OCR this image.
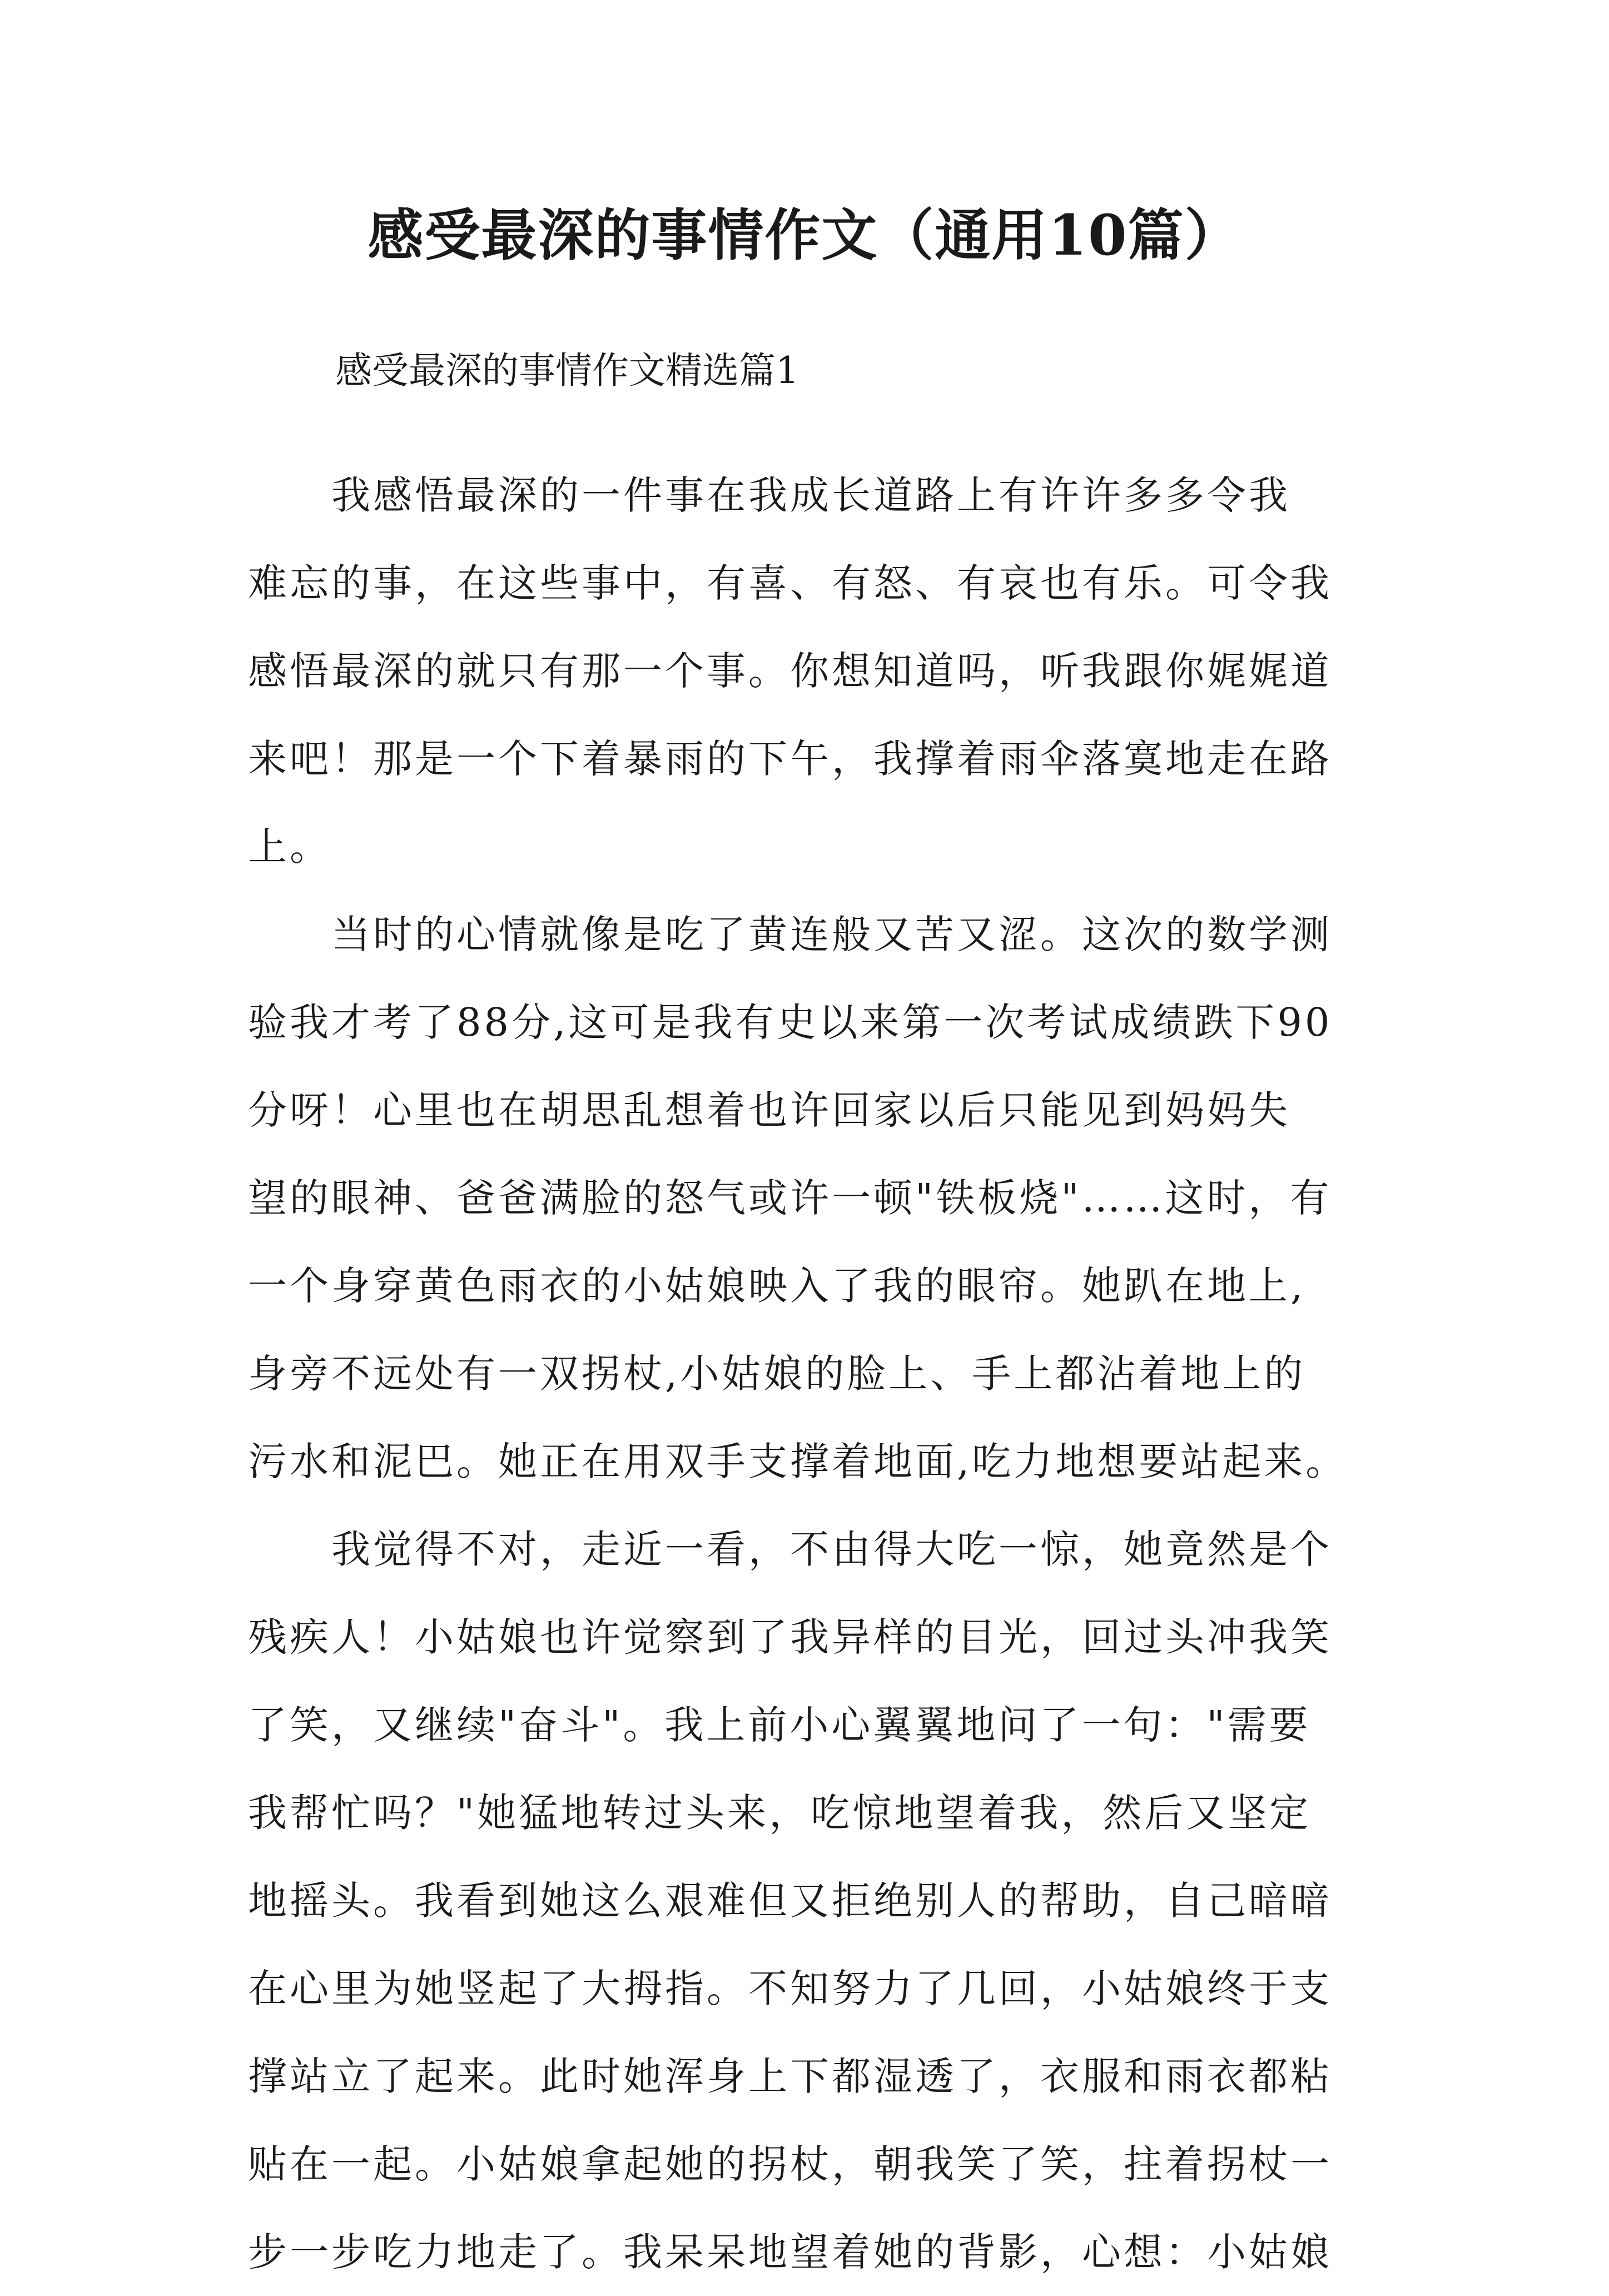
感受最深的事情作文（通用10篇）
感受最深的事情作文精选篇1

我感悟最深的一件事在我成长道路上有许许多多令我
难忘的事，在这些事中，有喜、有怒、有哀也有乐。可令我
感悟最深的就只有那一个事。你想知道吗，听我跟你娓娓道
来吧！那是一个下着暴雨的下午，我撑着雨伞落寞地走在路
上。

当时的心情就像是吃了黄连般又苦又涩。这次的数学测
验我才考了88分,这可是我有史以来第一次考试成绩跌下90
分呀！心里也在胡思乱想着也许回家以后只能见到妈妈失
望的眼神、爸爸满脸的怒气或许一顿"铁板烧"……这时，有
一个身穿黄色雨衣的小姑娘映入了我的眼帘。她趴在地上,
身旁不远处有一双拐杖,小姑娘的脸上、手上都沾着地上的
污水和泥巴。她正在用双手支撑着地面,吃力地想要站起来。

我觉得不对，走近一看，不由得大吃一惊，她竟然是个
残疾人！小姑娘也许觉察到了我异样的目光，回过头冲我笑
了笑，又继续"奋斗"。我上前小心翼翼地问了一句："需要
我帮忙吗？"她猛地转过头来，吃惊地望着我，然后又坚定
地摇头。我看到她这么艰难但又拒绝别人的帮助，自己暗暗
在心里为她竖起了大拇指。不知努力了几回，小姑娘终于支
撑站立了起来。此时她浑身上下都湿透了，衣服和雨衣都粘
贴在一起。小姑娘拿起她的拐杖，朝我笑了笑，拄着拐杖一
步一步吃力地走了。我呆呆地望着她的背影，心想：小姑娘
